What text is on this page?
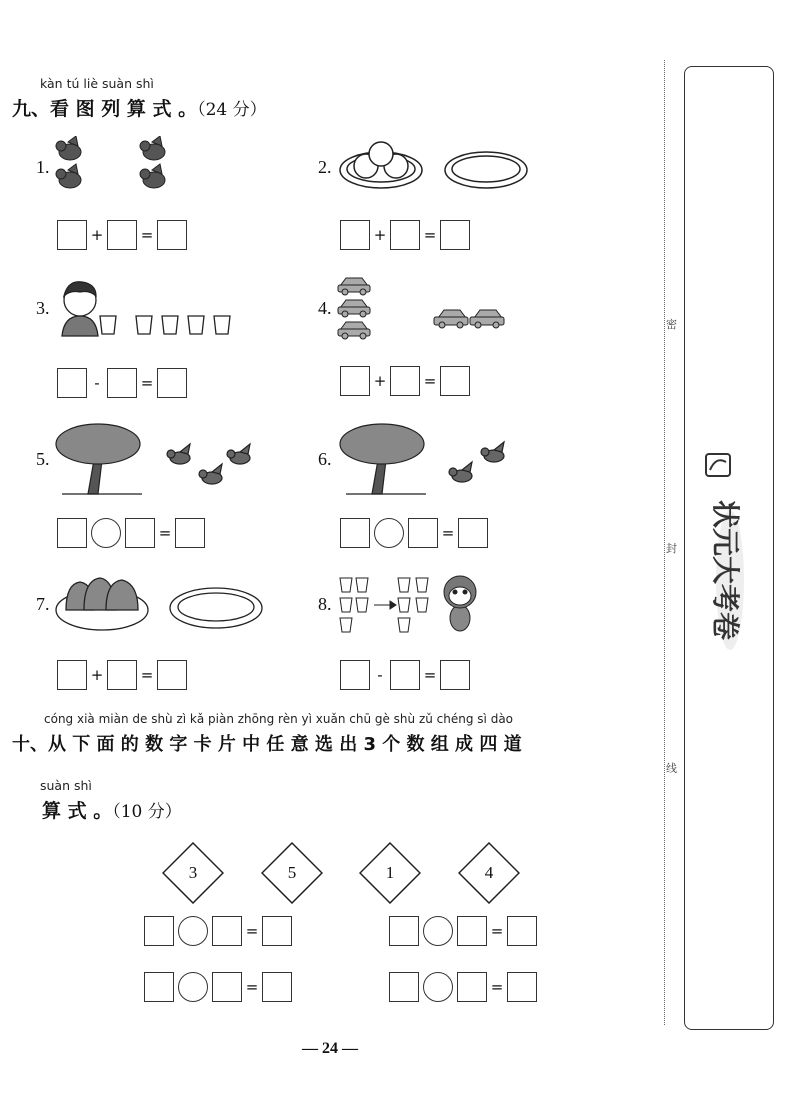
kàn tú liè suàn shì
九、看 图 列 算 式 。（24 分）
1.
+ =
2.
+ =
3.
-	=
4.
+ =
5.
=
6.
=
7.
+ =
8.
-	=
cóng xià miàn de shù zì kǎ piàn zhōng rèn yì xuǎn chū gè shù zǔ chéng sì dào
十、从 下 面 的 数 字 卡 片 中 任 意 选 出 3 个 数 组 成 四 道
suàn shì
算 式 。（10 分）
3	5	1	4
=	=
=	=
密
封
线
状元大考卷
— 24 —
